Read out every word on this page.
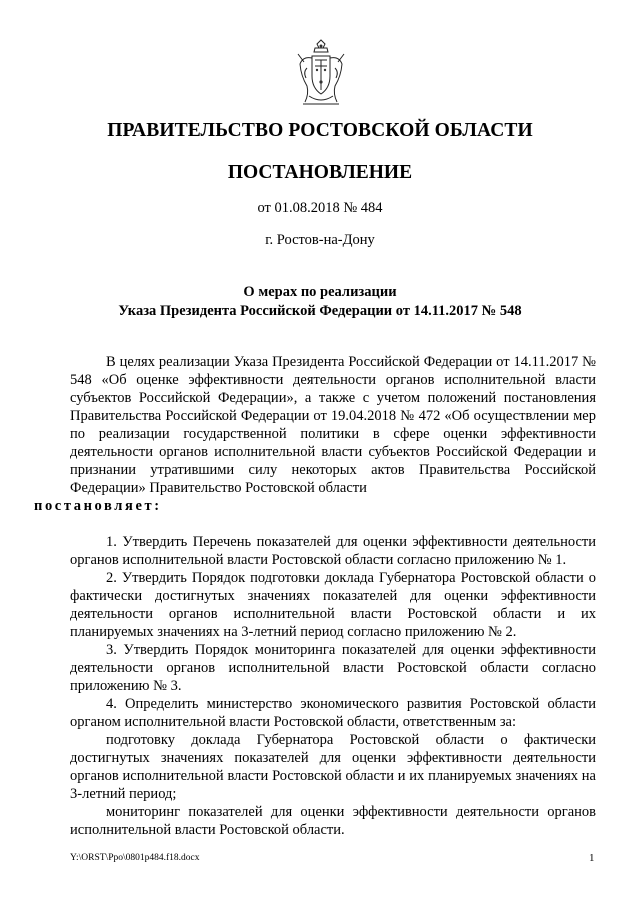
ПРАВИТЕЛЬСТВО РОСТОВСКОЙ ОБЛАСТИ
ПОСТАНОВЛЕНИЕ
от 01.08.2018 № 484
г. Ростов-на-Дону
О мерах по реализации
Указа Президента Российской Федерации от 14.11.2017 № 548

В целях реализации Указа Президента Российской Федерации от 14.11.2017 № 548 «Об оценке эффективности деятельности органов исполнительной власти субъектов Российской Федерации», а также с учетом положений постановления Правительства Российской Федерации от 19.04.2018 № 472 «Об осуществлении мер по реализации государственной политики в сфере оценки эффективности деятельности органов исполнительной власти субъектов Российской Федерации и признании утратившими силу некоторых актов Правительства Российской Федерации» Правительство Ростовской области
постановляет:

1. Утвердить Перечень показателей для оценки эффективности деятельности органов исполнительной власти Ростовской области согласно приложению № 1.

2. Утвердить Порядок подготовки доклада Губернатора Ростовской области о фактически достигнутых значениях показателей для оценки эффективности деятельности органов исполнительной власти Ростовской области и их планируемых значениях на 3-летний период согласно приложению № 2.

3. Утвердить Порядок мониторинга показателей для оценки эффективности деятельности органов исполнительной власти Ростовской области согласно приложению № 3.

4. Определить министерство экономического развития Ростовской области органом исполнительной власти Ростовской области, ответственным за:

подготовку доклада Губернатора Ростовской области о фактически достигнутых значениях показателей для оценки эффективности деятельности органов исполнительной власти Ростовской области и их планируемых значениях на 3-летний период;

мониторинг показателей для оценки эффективности деятельности органов исполнительной власти Ростовской области.

Y:\ORST\Ppo\0801p484.f18.docx	1
